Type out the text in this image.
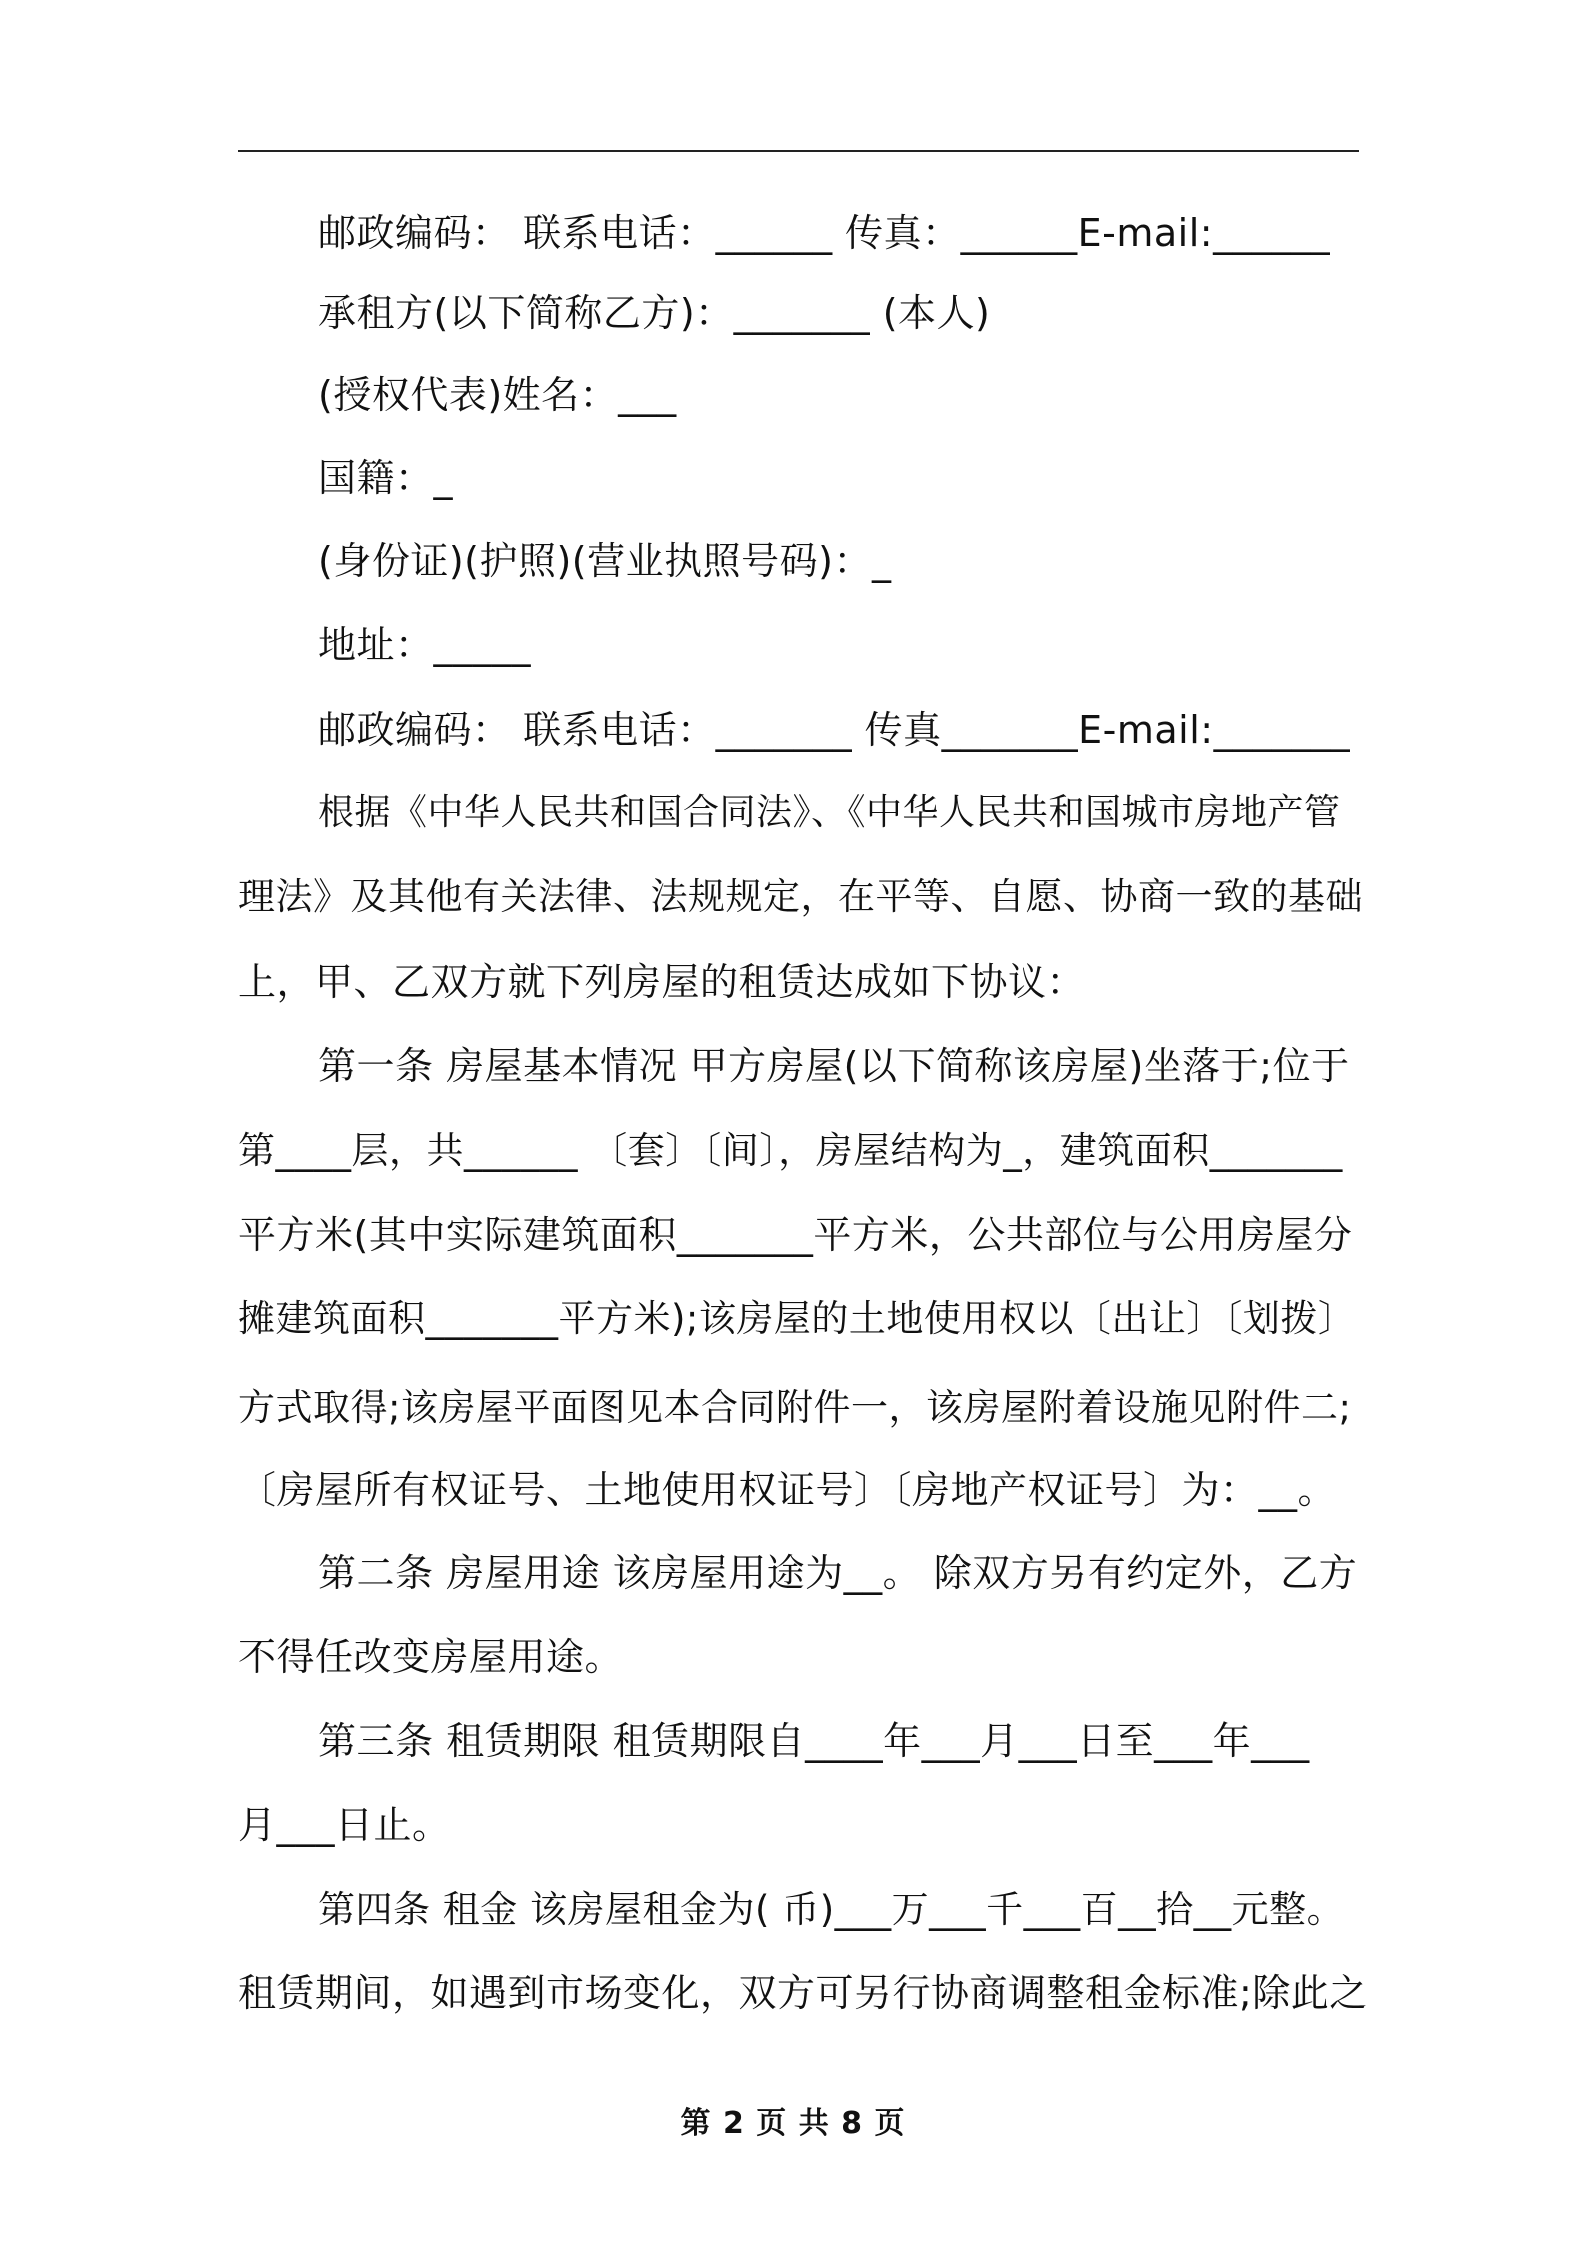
邮政编码： 联系电话：______ 传真：______E-mail:______
承租方(以下简称乙方)：_______ (本人)
(授权代表)姓名：___
国籍：_
(身份证)(护照)(营业执照号码)：_
地址：_____
邮政编码： 联系电话：_______ 传真_______E-mail:_______
根据《中华人民共和国合同法》、《中华人民共和国城市房地产管
理法》及其他有关法律、法规规定，在平等、自愿、协商一致的基础
上，甲、乙双方就下列房屋的租赁达成如下协议：
第一条 房屋基本情况 甲方房屋(以下简称该房屋)坐落于;位于
第____层，共______ 〔套〕〔间〕，房屋结构为_，建筑面积_______
平方米(其中实际建筑面积_______平方米，公共部位与公用房屋分
摊建筑面积_______平方米);该房屋的土地使用权以〔出让〕〔划拨〕
方式取得;该房屋平面图见本合同附件一，该房屋附着设施见附件二;
〔房屋所有权证号、土地使用权证号〕〔房地产权证号〕为：__。
第二条 房屋用途 该房屋用途为__。 除双方另有约定外，乙方
不得任改变房屋用途。
第三条 租赁期限 租赁期限自____年___月___日至___年___
月___日止。
第四条 租金 该房屋租金为( 币)___万___千___百__拾__元整。
租赁期间，如遇到市场变化，双方可另行协商调整租金标准;除此之
第 2 页 共 8 页
